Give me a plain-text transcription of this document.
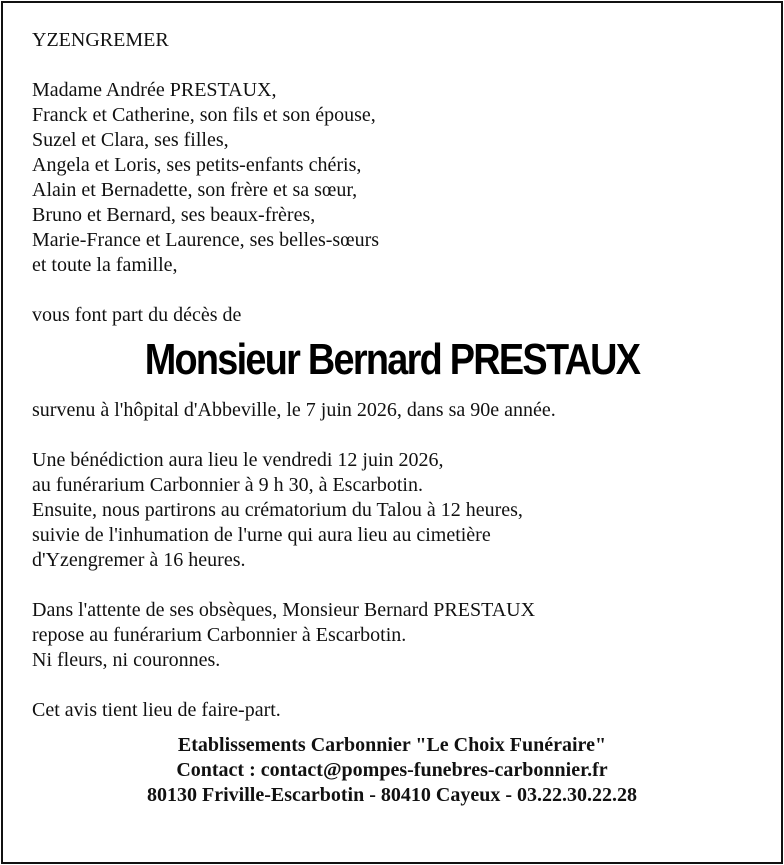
YZENGREMER
Madame Andrée PRESTAUX,
Franck et Catherine, son fils et son épouse,
Suzel et Clara, ses filles,
Angela et Loris, ses petits-enfants chéris,
Alain et Bernadette, son frère et sa sœur,
Bruno et Bernard, ses beaux-frères,
Marie-France et Laurence, ses belles-sœurs
et toute la famille,
vous font part du décès de
Monsieur Bernard PRESTAUX
survenu à l'hôpital d'Abbeville, le 7 juin 2026, dans sa 90e année.
Une bénédiction aura lieu le vendredi 12 juin 2026,
au funérarium Carbonnier à 9 h 30, à Escarbotin.
Ensuite, nous partirons au crématorium du Talou à 12 heures,
suivie de l'inhumation de l'urne qui aura lieu au cimetière
d'Yzengremer à 16 heures.
Dans l'attente de ses obsèques, Monsieur Bernard PRESTAUX
repose au funérarium Carbonnier à Escarbotin.
Ni fleurs, ni couronnes.
Cet avis tient lieu de faire-part.
Etablissements Carbonnier "Le Choix Funéraire"
Contact : contact@pompes-funebres-carbonnier.fr
80130 Friville-Escarbotin - 80410 Cayeux - 03.22.30.22.28
